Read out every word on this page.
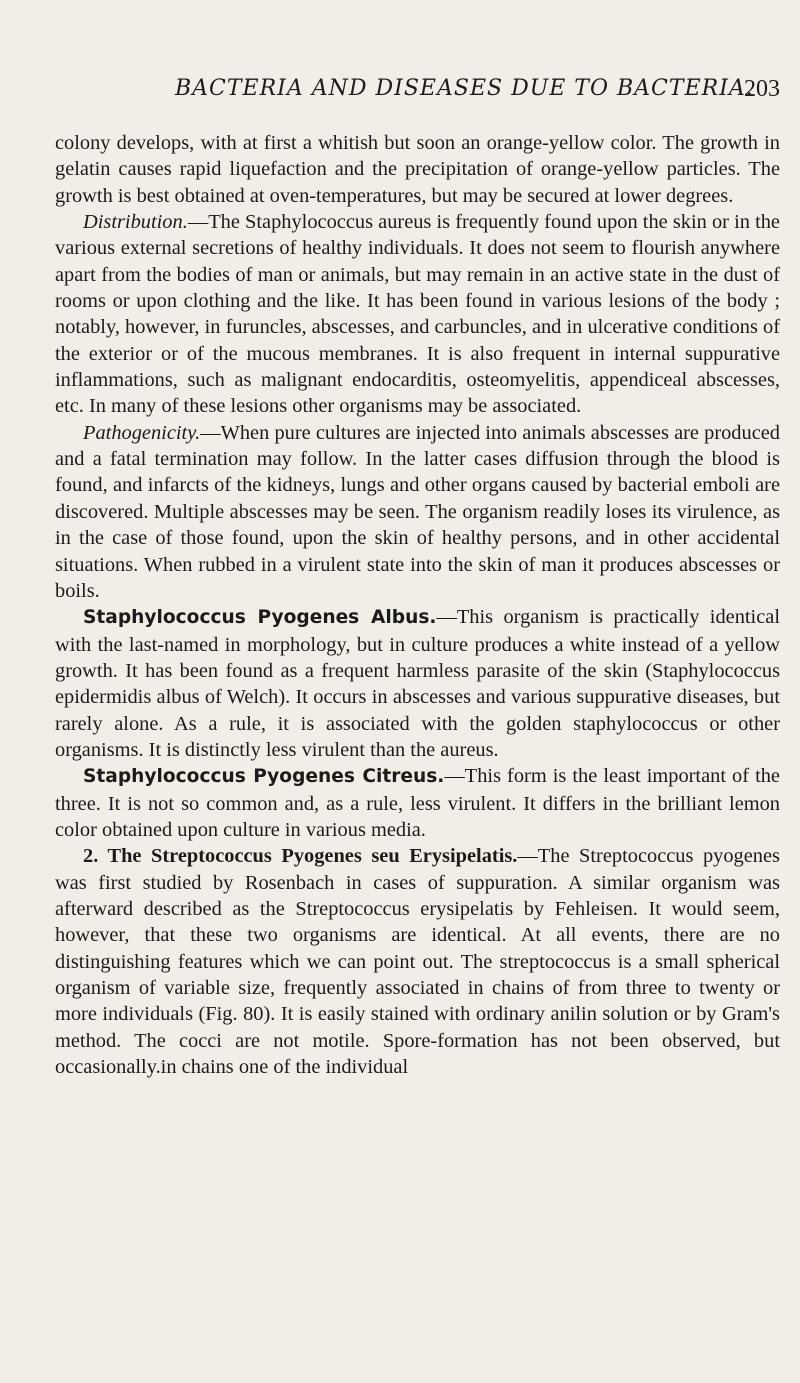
BACTERIA AND DISEASES DUE TO BACTERIA.
203

colony develops, with at first a whitish but soon an orange-yellow color. The growth in gelatin causes rapid liquefaction and the precipitation of orange-yellow particles. The growth is best obtained at oven-temperatures, but may be secured at lower degrees.

Distribution.—The Staphylococcus aureus is frequently found upon the skin or in the various external secretions of healthy individuals. It does not seem to flourish anywhere apart from the bodies of man or animals, but may remain in an active state in the dust of rooms or upon clothing and the like. It has been found in various lesions of the body ; notably, however, in furuncles, abscesses, and carbuncles, and in ulcerative conditions of the exterior or of the mucous membranes. It is also frequent in internal suppurative inflammations, such as malignant endocarditis, osteomyelitis, appendiceal abscesses, etc. In many of these lesions other organisms may be associated.

Pathogenicity.—When pure cultures are injected into animals abscesses are produced and a fatal termination may follow. In the latter cases diffusion through the blood is found, and infarcts of the kidneys, lungs and other organs caused by bacterial emboli are discovered. Multiple abscesses may be seen. The organism readily loses its virulence, as in the case of those found, upon the skin of healthy persons, and in other accidental situations. When rubbed in a virulent state into the skin of man it produces abscesses or boils.

Staphylococcus Pyogenes Albus.—This organism is practically identical with the last-named in morphology, but in culture produces a white instead of a yellow growth. It has been found as a frequent harmless parasite of the skin (Staphylococcus epidermidis albus of Welch). It occurs in abscesses and various suppurative diseases, but rarely alone. As a rule, it is associated with the golden staphylococcus or other organisms. It is distinctly less virulent than the aureus.

Staphylococcus Pyogenes Citreus.—This form is the least important of the three. It is not so common and, as a rule, less virulent. It differs in the brilliant lemon color obtained upon culture in various media.

2. The Streptococcus Pyogenes seu Erysipelatis.—The Streptococcus pyogenes was first studied by Rosenbach in cases of suppuration. A similar organism was afterward described as the Streptococcus erysipelatis by Fehleisen. It would seem, however, that these two organisms are identical. At all events, there are no distinguishing features which we can point out. The streptococcus is a small spherical organism of variable size, frequently associated in chains of from three to twenty or more individuals (Fig. 80). It is easily stained with ordinary anilin solution or by Gram's method. The cocci are not motile. Spore-formation has not been observed, but occasionally.in chains one of the individual
